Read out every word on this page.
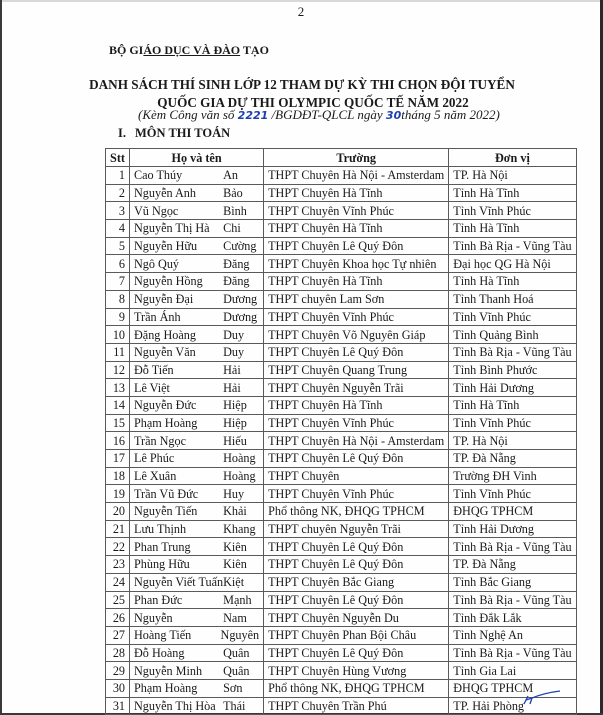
2
BỘ GIÁO DỤC VÀ ĐÀO TẠO
DANH SÁCH THÍ SINH LỚP 12 THAM DỰ KỲ THI CHỌN ĐỘI TUYỂN
QUỐC GIA DỰ THI OLYMPIC QUỐC TẾ NĂM 2022
(Kèm Công văn số 2221 /BGDĐT-QLCL ngày 30tháng 5 năm 2022)
I. MÔN THI TOÁN
Stt	Họ và tên	Trường	Đơn vị
1	Cao Thúy An	THPT Chuyên Hà Nội - Amsterdam	TP. Hà Nội
2	Nguyễn Anh Bảo	THPT Chuyên Hà Tĩnh	Tỉnh Hà Tĩnh
3	Vũ Ngọc Bình	THPT Chuyên Vĩnh Phúc	Tỉnh Vĩnh Phúc
4	Nguyễn Thị Hà Chi	THPT Chuyên Hà Tĩnh	Tỉnh Hà Tĩnh
5	Nguyễn Hữu Cường	THPT Chuyên Lê Quý Đôn	Tỉnh Bà Rịa - Vũng Tàu
6	Ngô Quý Đăng	THPT Chuyên Khoa học Tự nhiên	Đại học QG Hà Nội
7	Nguyễn Hồng Đăng	THPT Chuyên Hà Tĩnh	Tỉnh Hà Tĩnh
8	Nguyễn Đại Dương	THPT chuyên Lam Sơn	Tỉnh Thanh Hoá
9	Trần Ánh Dương	THPT Chuyên Vĩnh Phúc	Tỉnh Vĩnh Phúc
10	Đặng Hoàng Duy	THPT Chuyên Võ Nguyên Giáp	Tỉnh Quảng Bình
11	Nguyễn Văn Duy	THPT Chuyên Lê Quý Đôn	Tỉnh Bà Rịa - Vũng Tàu
12	Đỗ Tiến Hải	THPT Chuyên Quang Trung	Tỉnh Bình Phước
13	Lê Việt Hải	THPT Chuyên Nguyễn Trãi	Tỉnh Hải Dương
14	Nguyễn Đức Hiệp	THPT Chuyên Hà Tĩnh	Tỉnh Hà Tĩnh
15	Phạm Hoàng Hiệp	THPT Chuyên Vĩnh Phúc	Tỉnh Vĩnh Phúc
16	Trần Ngọc Hiếu	THPT Chuyên Hà Nội - Amsterdam	TP. Hà Nội
17	Lê Phúc Hoàng	THPT Chuyên Lê Quý Đôn	TP. Đà Nẵng
18	Lê Xuân Hoàng	THPT Chuyên	Trường ĐH Vinh
19	Trần Vũ Đức Huy	THPT Chuyên Vĩnh Phúc	Tỉnh Vĩnh Phúc
20	Nguyễn Tiến Khải	Phổ thông NK, ĐHQG TPHCM	ĐHQG TPHCM
21	Lưu Thịnh Khang	THPT chuyên Nguyễn Trãi	Tỉnh Hải Dương
22	Phan Trung Kiên	THPT Chuyên Lê Quý Đôn	Tỉnh Bà Rịa - Vũng Tàu
23	Phùng Hữu Kiên	THPT Chuyên Lê Quý Đôn	TP. Đà Nẵng
24	Nguyễn Viết Tuấn Kiệt	THPT Chuyên Bắc Giang	Tỉnh Bắc Giang
25	Phan Đức Mạnh	THPT Chuyên Lê Quý Đôn	Tỉnh Bà Rịa - Vũng Tàu
26	Nguyễn Nam	THPT Chuyên Nguyễn Du	Tỉnh Đắk Lắk
27	Hoàng Tiến Nguyên	THPT Chuyên Phan Bội Châu	Tỉnh Nghệ An
28	Đỗ Hoàng Quân	THPT Chuyên Lê Quý Đôn	Tỉnh Bà Rịa - Vũng Tàu
29	Nguyễn Minh Quân	THPT Chuyên Hùng Vương	Tỉnh Gia Lai
30	Phạm Hoàng Sơn	Phổ thông NK, ĐHQG TPHCM	ĐHQG TPHCM
31	Nguyễn Thị Hòa Thái	THPT Chuyên Trần Phú	TP. Hải Phòng
